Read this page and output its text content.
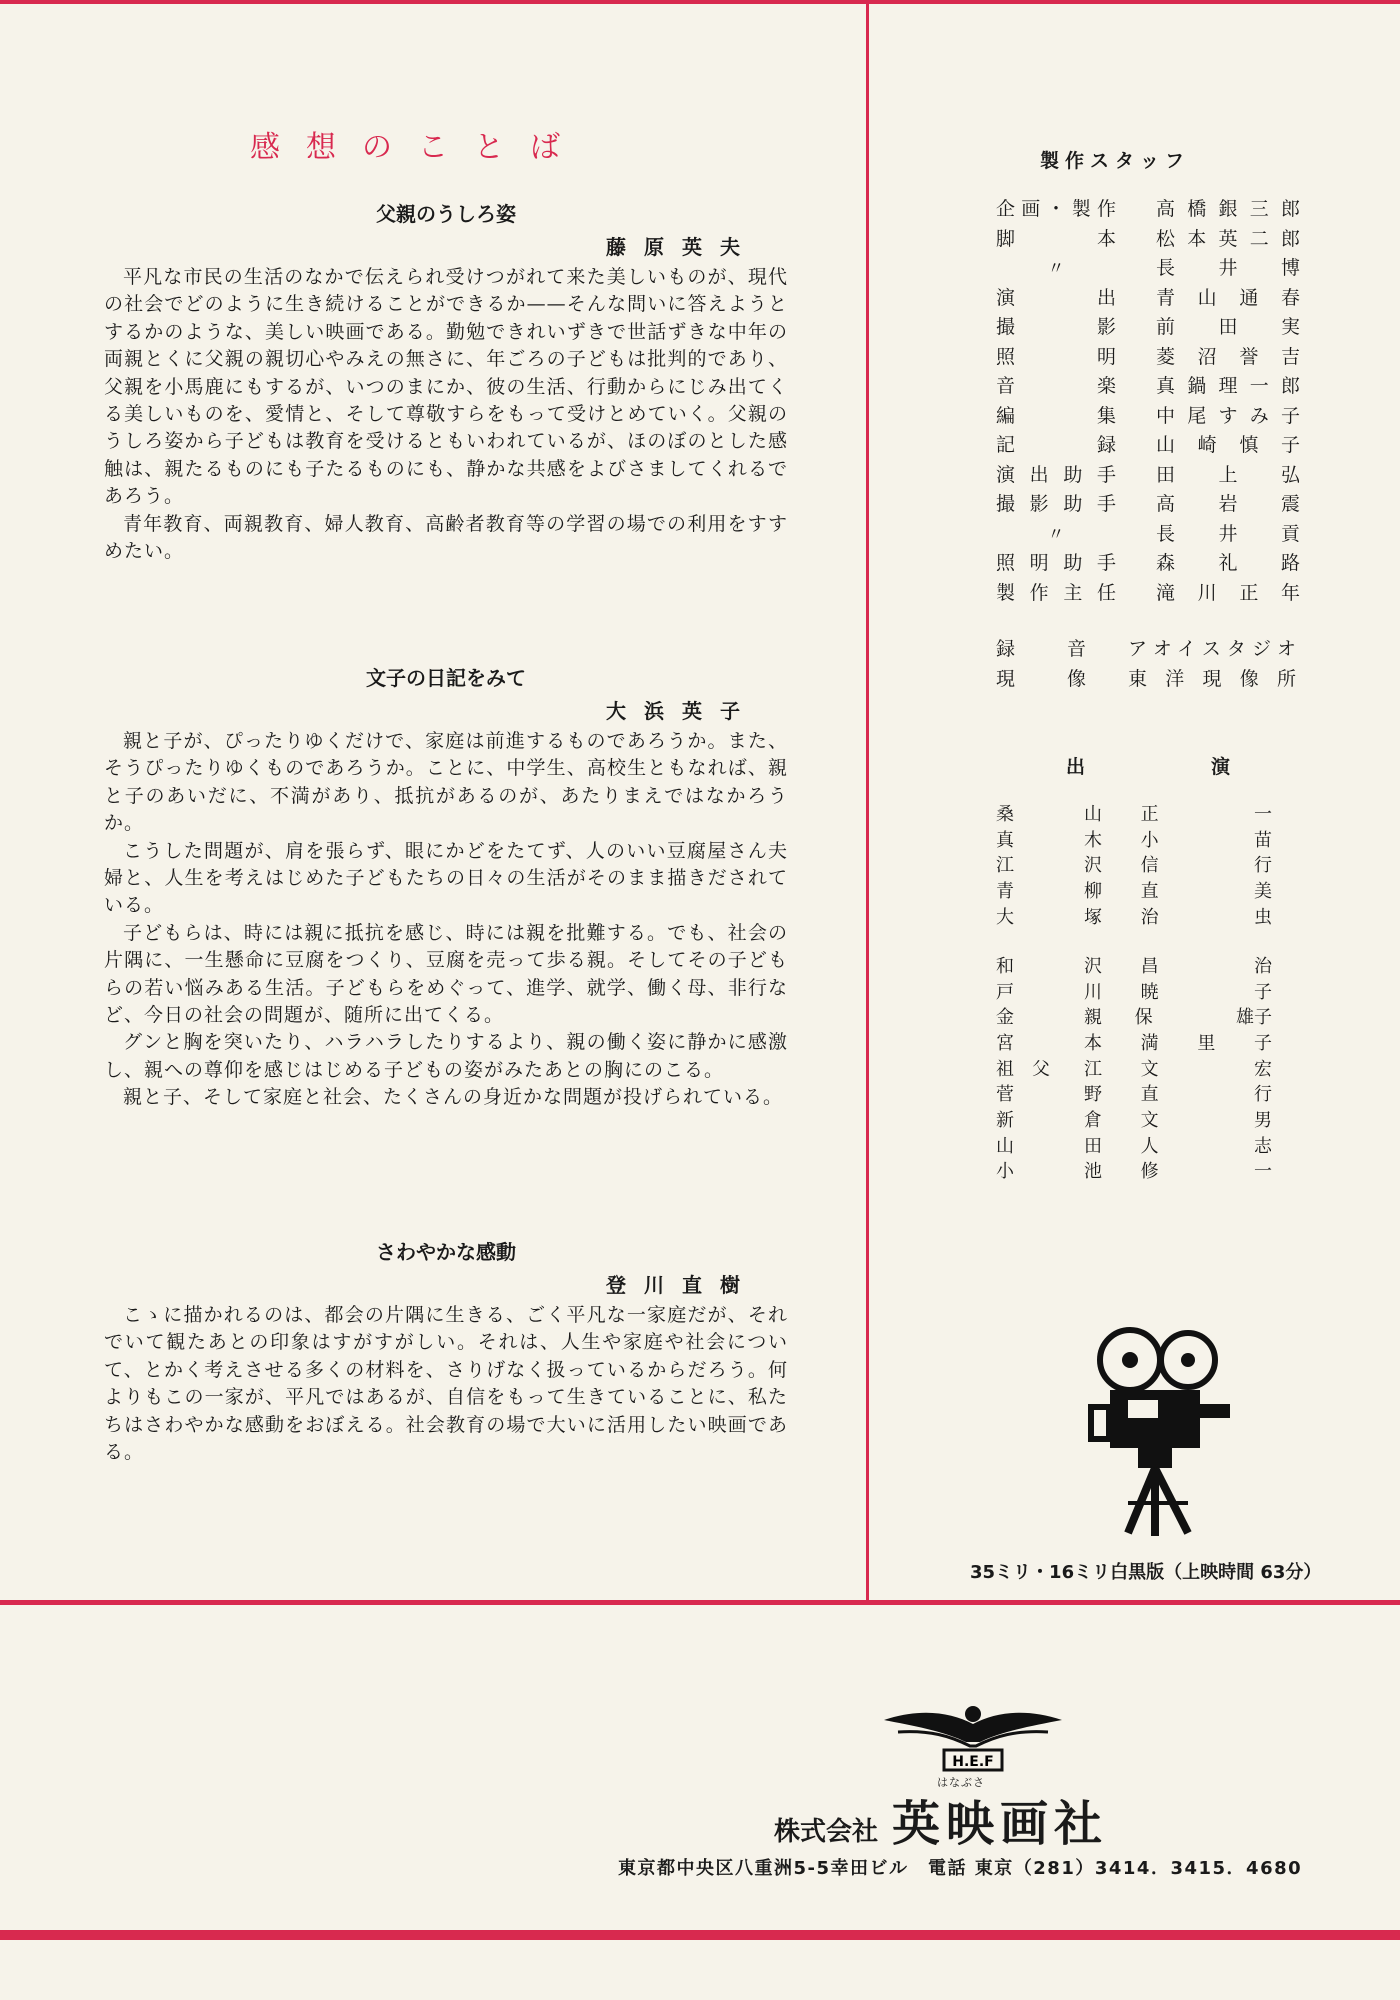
感想のことば
父親のうしろ姿
藤原英夫

平凡な市民の生活のなかで伝えられ受けつがれて来た美しいものが、現代の社会でどのように生き続けることができるか——そんな問いに答えようとするかのような、美しい映画である。勤勉できれいずきで世話ずきな中年の両親とくに父親の親切心やみえの無さに、年ごろの子どもは批判的であり、父親を小馬鹿にもするが、いつのまにか、彼の生活、行動からにじみ出てくる美しいものを、愛情と、そして尊敬すらをもって受けとめていく。父親のうしろ姿から子どもは教育を受けるともいわれているが、ほのぼのとした感触は、親たるものにも子たるものにも、静かな共感をよびさましてくれるであろう。

青年教育、両親教育、婦人教育、高齢者教育等の学習の場での利用をすすめたい。

文子の日記をみて
大浜英子

親と子が、ぴったりゆくだけで、家庭は前進するものであろうか。また、そうぴったりゆくものであろうか。ことに、中学生、高校生ともなれば、親と子のあいだに、不満があり、抵抗があるのが、あたりまえではなかろうか。

こうした問題が、肩を張らず、眼にかどをたてず、人のいい豆腐屋さん夫婦と、人生を考えはじめた子どもたちの日々の生活がそのまま描きだされている。

子どもらは、時には親に抵抗を感じ、時には親を批難する。でも、社会の片隅に、一生懸命に豆腐をつくり、豆腐を売って歩る親。そしてその子どもらの若い悩みある生活。子どもらをめぐって、進学、就学、働く母、非行など、今日の社会の問題が、随所に出てくる。

グンと胸を突いたり、ハラハラしたりするより、親の働く姿に静かに感激し、親への尊仰を感じはじめる子どもの姿がみたあとの胸にのこる。

親と子、そして家庭と社会、たくさんの身近かな問題が投げられている。

さわやかな感動
登川直樹

こゝに描かれるのは、都会の片隅に生きる、ごく平凡な一家庭だが、それでいて観たあとの印象はすがすがしい。それは、人生や家庭や社会について、とかく考えさせる多くの材料を、さりげなく扱っているからだろう。何よりもこの一家が、平凡ではあるが、自信をもって生きていることに、私たちはさわやかな感動をおぼえる。社会教育の場で大いに活用したい映画である。

製作スタッフ
企画・製作 高橋銀三郎
脚本 松本英二郎
〃	長井博
演出 青山通春
撮影 前田実
照明 菱沼誉吉
音楽 真鍋理一郎
編集 中尾すみ子
記録 山崎慎子
演出助手 田上弘
撮影助手 高岩震
〃	長井貢
照明助手 森礼路
製作主任 滝川正年
録音 アオイスタジオ
現像 東洋現像所
出	演
桑	山 正	一
真	木 小	苗
江	沢 信	行
青	柳 直	美
大	塚 治	虫
和	沢 昌	治
戸	川 暁	子
金	親 保	雄子
宮	本 満 里 子
祖　父	江 文	宏
菅	野 直	行
新	倉 文	男
山	田 人	志
小	池 修	一
35ミリ・16ミリ白黒版（上映時間 63分）
H.E.F
はなぶさ
株式会社 英映画社
東京都中央区八重洲5-5幸田ビル　電話 東京（281）3414．3415．4680
